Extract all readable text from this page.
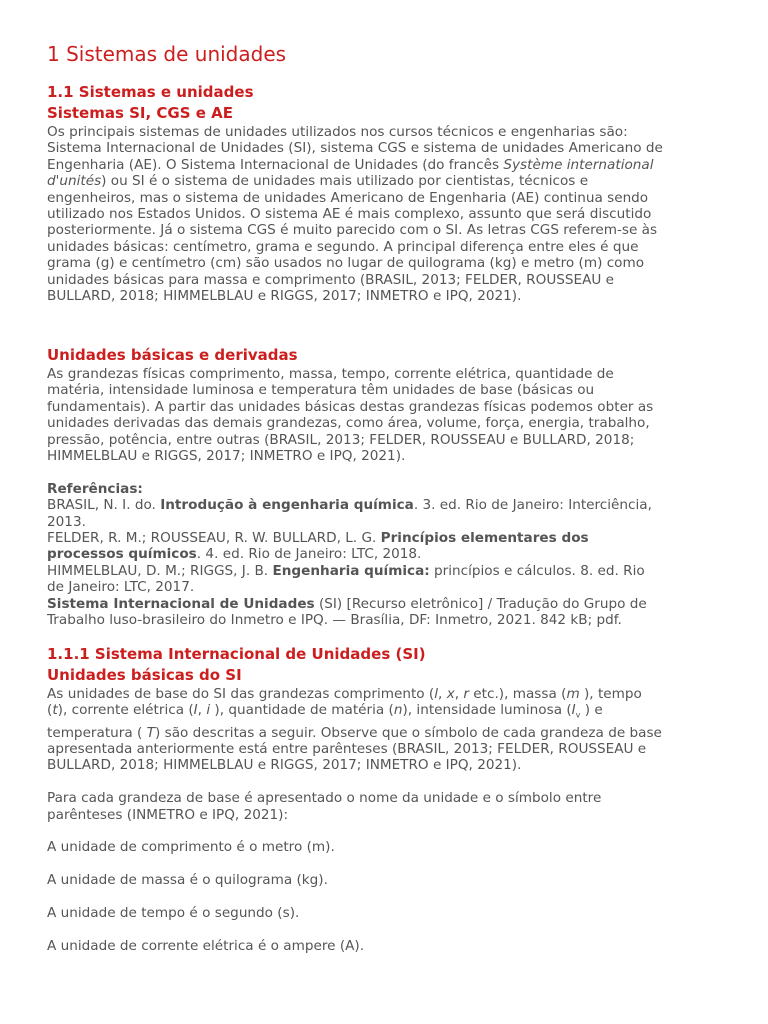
1 Sistemas de unidades
1.1 Sistemas e unidades
Sistemas SI, CGS e AE
Os principais sistemas de unidades utilizados nos cursos técnicos e engenharias são:
Sistema Internacional de Unidades (SI), sistema CGS e sistema de unidades Americano de
Engenharia (AE). O Sistema Internacional de Unidades (do francês Système international
d'unités) ou SI é o sistema de unidades mais utilizado por cientistas, técnicos e
engenheiros, mas o sistema de unidades Americano de Engenharia (AE) continua sendo
utilizado nos Estados Unidos. O sistema AE é mais complexo, assunto que será discutido
posteriormente. Já o sistema CGS é muito parecido com o SI. As letras CGS referem-se às
unidades básicas: centímetro, grama e segundo. A principal diferença entre eles é que
grama (g) e centímetro (cm) são usados no lugar de quilograma (kg) e metro (m) como
unidades básicas para massa e comprimento (BRASIL, 2013; FELDER, ROUSSEAU e
BULLARD, 2018; HIMMELBLAU e RIGGS, 2017; INMETRO e IPQ, 2021).
Unidades básicas e derivadas
As grandezas físicas comprimento, massa, tempo, corrente elétrica, quantidade de
matéria, intensidade luminosa e temperatura têm unidades de base (básicas ou
fundamentais). A partir das unidades básicas destas grandezas físicas podemos obter as
unidades derivadas das demais grandezas, como área, volume, força, energia, trabalho,
pressão, potência, entre outras (BRASIL, 2013; FELDER, ROUSSEAU e BULLARD, 2018;
HIMMELBLAU e RIGGS, 2017; INMETRO e IPQ, 2021).
Referências:
BRASIL, N. I. do. Introdução à engenharia química. 3. ed. Rio de Janeiro: Interciência,
2013.
FELDER, R. M.; ROUSSEAU, R. W. BULLARD, L. G. Princípios elementares dos
processos químicos. 4. ed. Rio de Janeiro: LTC, 2018.
HIMMELBLAU, D. M.; RIGGS, J. B. Engenharia química: princípios e cálculos. 8. ed. Rio
de Janeiro: LTC, 2017.
Sistema Internacional de Unidades (SI) [Recurso eletrônico] / Tradução do Grupo de
Trabalho luso-brasileiro do Inmetro e IPQ. — Brasília, DF: Inmetro, 2021. 842 kB; pdf.
1.1.1 Sistema Internacional de Unidades (SI)
Unidades básicas do SI
As unidades de base do SI das grandezas comprimento (l, x, r etc.), massa (m ), tempo
(t), corrente elétrica (I, i ), quantidade de matéria (n), intensidade luminosa ($I_v$ ) e
temperatura ( T) são descritas a seguir. Observe que o símbolo de cada grandeza de base
apresentada anteriormente está entre parênteses (BRASIL, 2013; FELDER, ROUSSEAU e
BULLARD, 2018; HIMMELBLAU e RIGGS, 2017; INMETRO e IPQ, 2021).
Para cada grandeza de base é apresentado o nome da unidade e o símbolo entre
parênteses (INMETRO e IPQ, 2021):
A unidade de comprimento é o metro (m).
A unidade de massa é o quilograma (kg).
A unidade de tempo é o segundo (s).
A unidade de corrente elétrica é o ampere (A).
